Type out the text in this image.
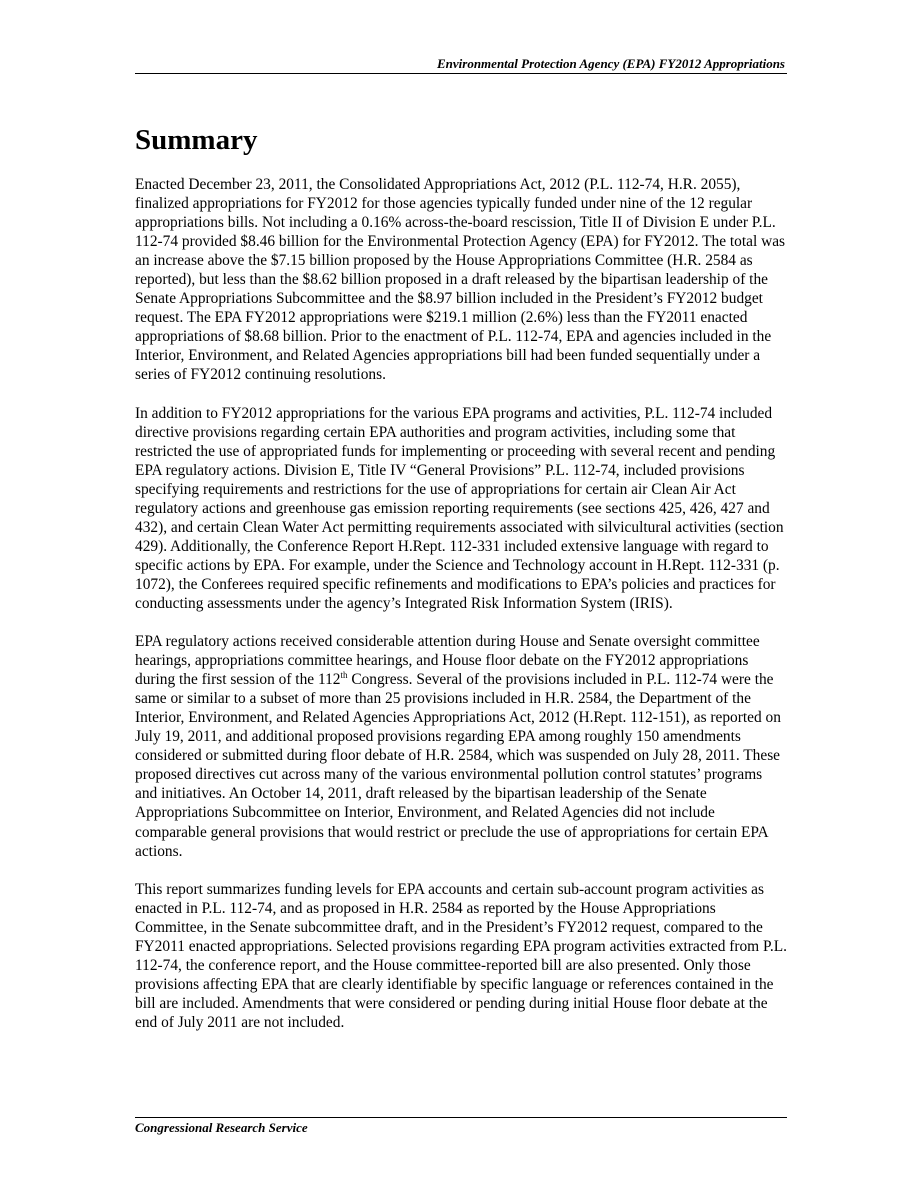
Environmental Protection Agency (EPA) FY2012 Appropriations
Summary

Enacted December 23, 2011, the Consolidated Appropriations Act, 2012 (P.L. 112-74, H.R. 2055), finalized appropriations for FY2012 for those agencies typically funded under nine of the 12 regular appropriations bills. Not including a 0.16% across-the-board rescission, Title II of Division E under P.L. 112-74 provided $8.46 billion for the Environmental Protection Agency (EPA) for FY2012. The total was an increase above the $7.15 billion proposed by the House Appropriations Committee (H.R. 2584 as reported), but less than the $8.62 billion proposed in a draft released by the bipartisan leadership of the Senate Appropriations Subcommittee and the $8.97 billion included in the President’s FY2012 budget request. The EPA FY2012 appropriations were $219.1 million (2.6%) less than the FY2011 enacted appropriations of $8.68 billion. Prior to the enactment of P.L. 112-74, EPA and agencies included in the Interior, Environment, and Related Agencies appropriations bill had been funded sequentially under a series of FY2012 continuing resolutions.

In addition to FY2012 appropriations for the various EPA programs and activities, P.L. 112-74 included directive provisions regarding certain EPA authorities and program activities, including some that restricted the use of appropriated funds for implementing or proceeding with several recent and pending EPA regulatory actions. Division E, Title IV “General Provisions” P.L. 112-74, included provisions specifying requirements and restrictions for the use of appropriations for certain air Clean Air Act regulatory actions and greenhouse gas emission reporting requirements (see sections 425, 426, 427 and 432), and certain Clean Water Act permitting requirements associated with silvicultural activities (section 429). Additionally, the Conference Report H.Rept. 112-331 included extensive language with regard to specific actions by EPA. For example, under the Science and Technology account in H.Rept. 112-331 (p. 1072), the Conferees required specific refinements and modifications to EPA’s policies and practices for conducting assessments under the agency’s Integrated Risk Information System (IRIS).

EPA regulatory actions received considerable attention during House and Senate oversight committee hearings, appropriations committee hearings, and House floor debate on the FY2012 appropriations during the first session of the 112th Congress. Several of the provisions included in P.L. 112-74 were the same or similar to a subset of more than 25 provisions included in H.R. 2584, the Department of the Interior, Environment, and Related Agencies Appropriations Act, 2012 (H.Rept. 112-151), as reported on July 19, 2011, and additional proposed provisions regarding EPA among roughly 150 amendments considered or submitted during floor debate of H.R. 2584, which was suspended on July 28, 2011. These proposed directives cut across many of the various environmental pollution control statutes’ programs and initiatives. An October 14, 2011, draft released by the bipartisan leadership of the Senate Appropriations Subcommittee on Interior, Environment, and Related Agencies did not include comparable general provisions that would restrict or preclude the use of appropriations for certain EPA actions.

This report summarizes funding levels for EPA accounts and certain sub-account program activities as enacted in P.L. 112-74, and as proposed in H.R. 2584 as reported by the House Appropriations Committee, in the Senate subcommittee draft, and in the President’s FY2012 request, compared to the FY2011 enacted appropriations. Selected provisions regarding EPA program activities extracted from P.L. 112-74, the conference report, and the House committee-reported bill are also presented. Only those provisions affecting EPA that are clearly identifiable by specific language or references contained in the bill are included. Amendments that were considered or pending during initial House floor debate at the end of July 2011 are not included.

Congressional Research Service
